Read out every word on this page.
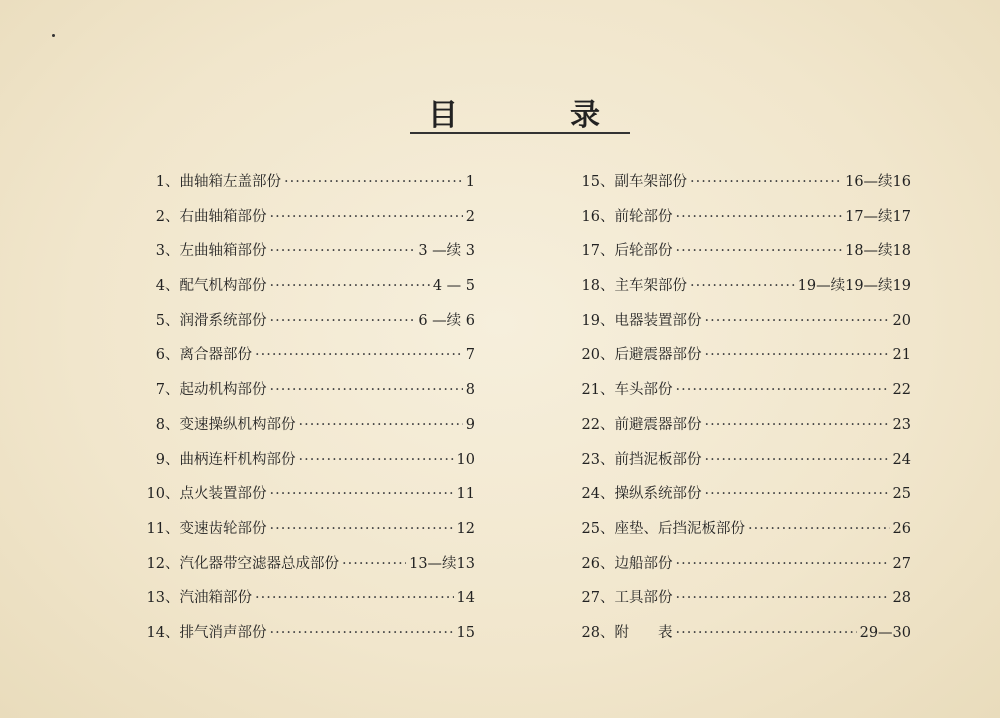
目	录
1 、 曲轴箱左盖部份 ·····	1
2 、 右曲轴箱部份 ·····	2
3 、 左曲轴箱部份 ·····	3 —续 3
4 、 配气机构部份 ·····	4 — 5
5 、 润滑系统部份 ·····	6 —续 6
6 、 离合器部份 ·····	7
7 、 起动机构部份 ·····	8
8 、 变速操纵机构部份 ·····	9
9 、 曲柄连杆机构部份 ·····	10
10 、 点火装置部份 ·····	11
11 、 变速齿轮部份 ·····	12
12 、 汽化器带空滤器总成部份 ·····	13—续13
13 、 汽油箱部份 ·····	14
14 、 排气消声部份 ·····	15
15 、 副车架部份 ·····	16—续16
16 、 前轮部份 ·····	17—续17
17 、 后轮部份 ·····	18—续18
18 、 主车架部份 ·····	19—续19—续19
19 、 电器装置部份 ·····	20
20 、 后避震器部份 ·····	21
21 、 车头部份 ·····	22
22 、 前避震器部份 ·····	23
23 、 前挡泥板部份 ·····	24
24 、 操纵系统部份 ·····	25
25 、 座垫、后挡泥板部份 ·····	26
26 、 边船部份 ·····	27
27 、 工具部份 ·····	28
28 、 附　　表 ·····	29—30
